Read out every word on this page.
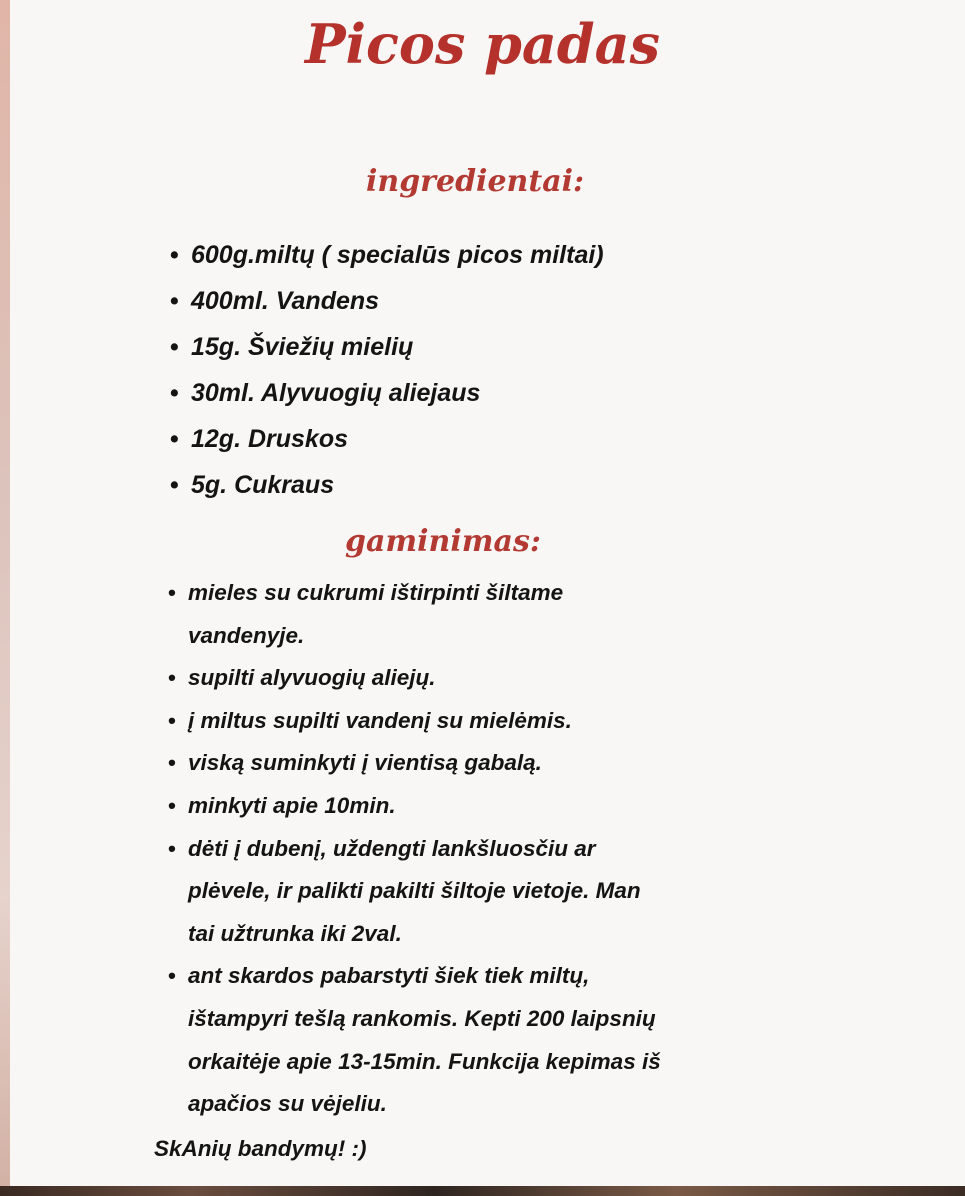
Picos padas
ingredientai:
• 600g.miltų ( specialūs picos miltai)
• 400ml. Vandens
• 15g. Šviežių mielių
• 30ml. Alyvuogių aliejaus
• 12g. Druskos
• 5g. Cukraus
gaminimas:
• mieles su cukrumi ištirpinti šiltame
vandenyje.
• supilti alyvuogių aliejų.
• į miltus supilti vandenį su mielėmis.
• viską suminkyti į vientisą gabalą.
• minkyti apie 10min.
• dėti į dubenį, uždengti lankšluosčiu ar
plėvele, ir palikti pakilti šiltoje vietoje. Man
tai užtrunka iki 2val.
• ant skardos pabarstyti šiek tiek miltų,
ištampyri tešlą rankomis. Kepti 200 laipsnių
orkaitėje apie 13-15min. Funkcija kepimas iš
apačios su vėjeliu.

SkAnių bandymų! :)
